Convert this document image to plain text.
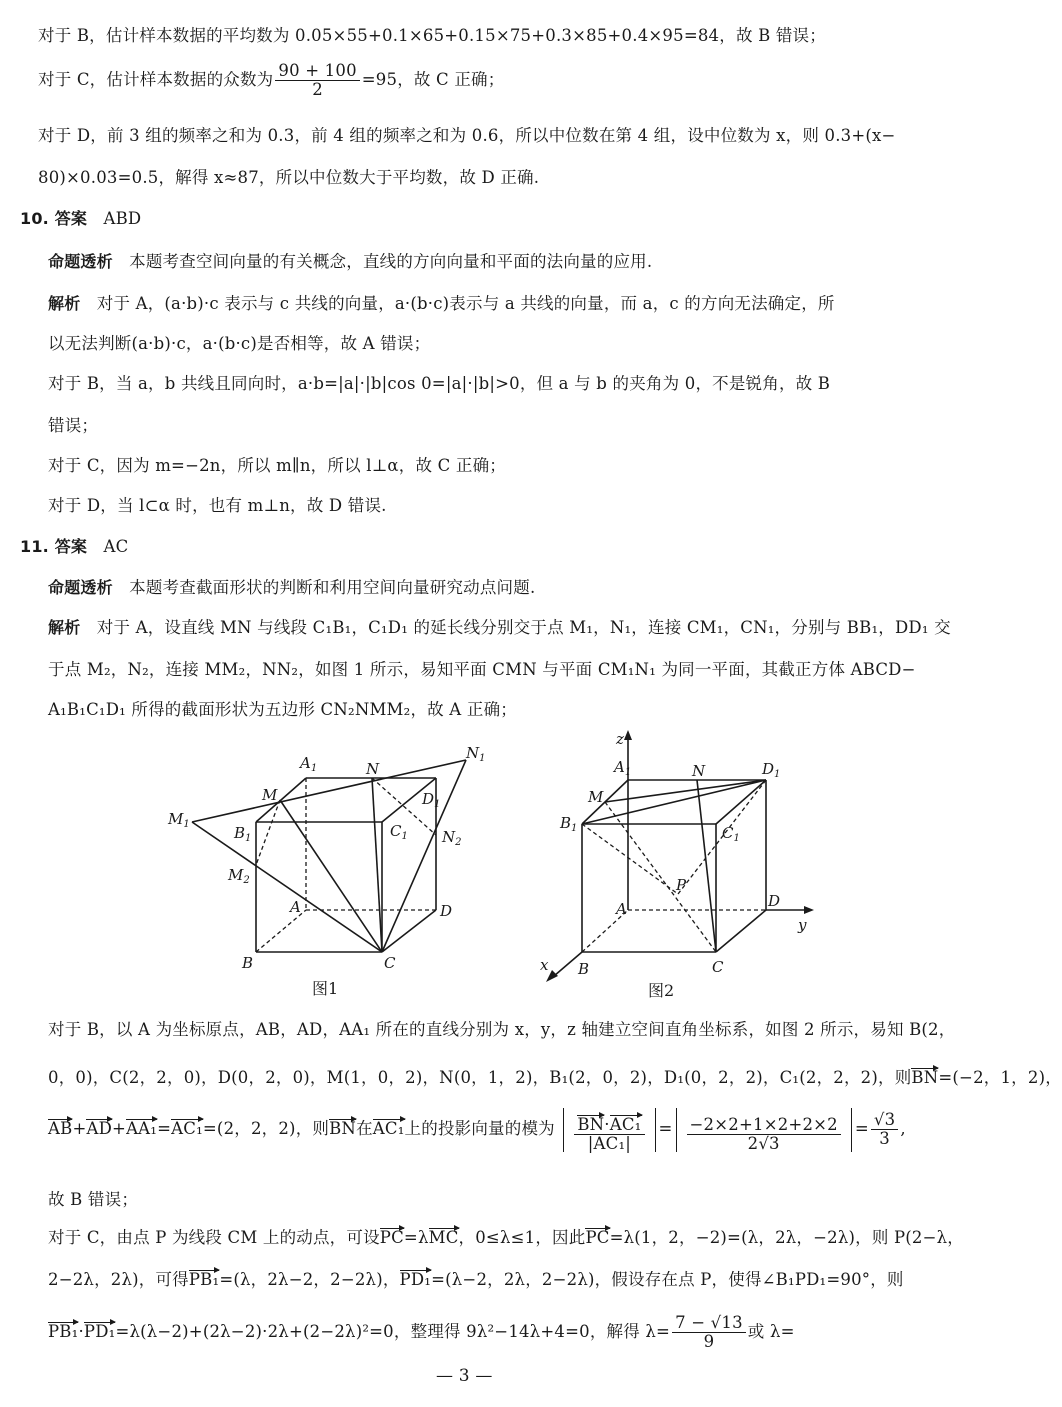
对于 B，估计样本数据的平均数为 0.05×55+0.1×65+0.15×75+0.3×85+0.4×95=84，故 B 错误；
对于 C，估计样本数据的众数为 $\frac{90 + 100}{2} =95$，故 C 正确；
对于 D，前 3 组的频率之和为 0.3，前 4 组的频率之和为 0.6，所以中位数在第 4 组，设中位数为 x，则 0.3+(x−
80)×0.03=0.5，解得 x≈87，所以中位数大于平均数，故 D 正确.
10. 答案 ABD
命题透析 本题考查空间向量的有关概念，直线的方向向量和平面的法向量的应用.
解析 对于 A，(a·b)·c 表示与 c 共线的向量，a·(b·c)表示与 a 共线的向量，而 a，c 的方向无法确定，所
以无法判断(a·b)·c，a·(b·c)是否相等，故 A 错误；
对于 B，当 a，b 共线且同向时，a·b=|a|·|b|cos 0=|a|·|b|>0，但 a 与 b 的夹角为 0，不是锐角，故 B
错误；
对于 C，因为 m=−2n，所以 m∥n，所以 l⊥α，故 C 正确；
对于 D，当 l⊂α 时，也有 m⊥n，故 D 错误.
11. 答案 AC
命题透析 本题考查截面形状的判断和利用空间向量研究动点问题.
解析 对于 A，设直线 MN 与线段 C₁B₁，C₁D₁ 的延长线分别交于点 M₁，N₁，连接 CM₁，CN₁，分别与 BB₁，DD₁ 交
于点 M₂，N₂，连接 MM₂，NN₂，如图 1 所示，易知平面 CMN 与平面 CM₁N₁ 为同一平面，其截正方体 ABCD−
A₁B₁C₁D₁ 所得的截面形状为五边形 CN₂NMM₂，故 A 正确；
$A_1$	N
$N_1$
M	$D_1$
$M_1$	$B_1$	$C_1$ $N_2$
$M_2$
A	D
B	C
图1
z
$A_1$	N	$D_1$
M
$B_1$	$C_1$
P
A	D
y
x B	C
图2
对于 B，以 A 为坐标原点，AB，AD，AA₁ 所在的直线分别为 x，y，z 轴建立空间直角坐标系，如图 2 所示，易知 B(2，
0，0)，C(2，2，0)，D(0，2，0)，M(1，0，2)，N(0，1，2)，B₁(2，0，2)，D₁(0，2，2)，C₁(2，2，2)，则BN=(−2，1，2)，
AB+AD+AA₁=AC₁=(2，2，2)，则BN在AC₁上的投影向量的模为 $\frac{\text{BN·AC₁}}{\text{|AC₁|}} = \frac{-2\times 2+1\times 2+2\times 2}{2√3} = \frac{√3}{3}$ ,
故 B 错误；
对于 C，由点 P 为线段 CM 上的动点，可设PC=λMC，0≤λ≤1，因此PC=λ(1，2，−2)=(λ，2λ，−2λ)，则 P(2−λ，
2−2λ，2λ)，可得PB₁=(λ，2λ−2，2−2λ)，PD₁=(λ−2，2λ，2−2λ)，假设存在点 P，使得∠B₁PD₁=90°，则
PB₁·PD₁=λ(λ−2)+(2λ−2)·2λ+(2−2λ)²=0，整理得 9λ²−14λ+4=0，解得 $\lambda= \frac{7 - √13}{9}$ 或 λ=
— 3 —
